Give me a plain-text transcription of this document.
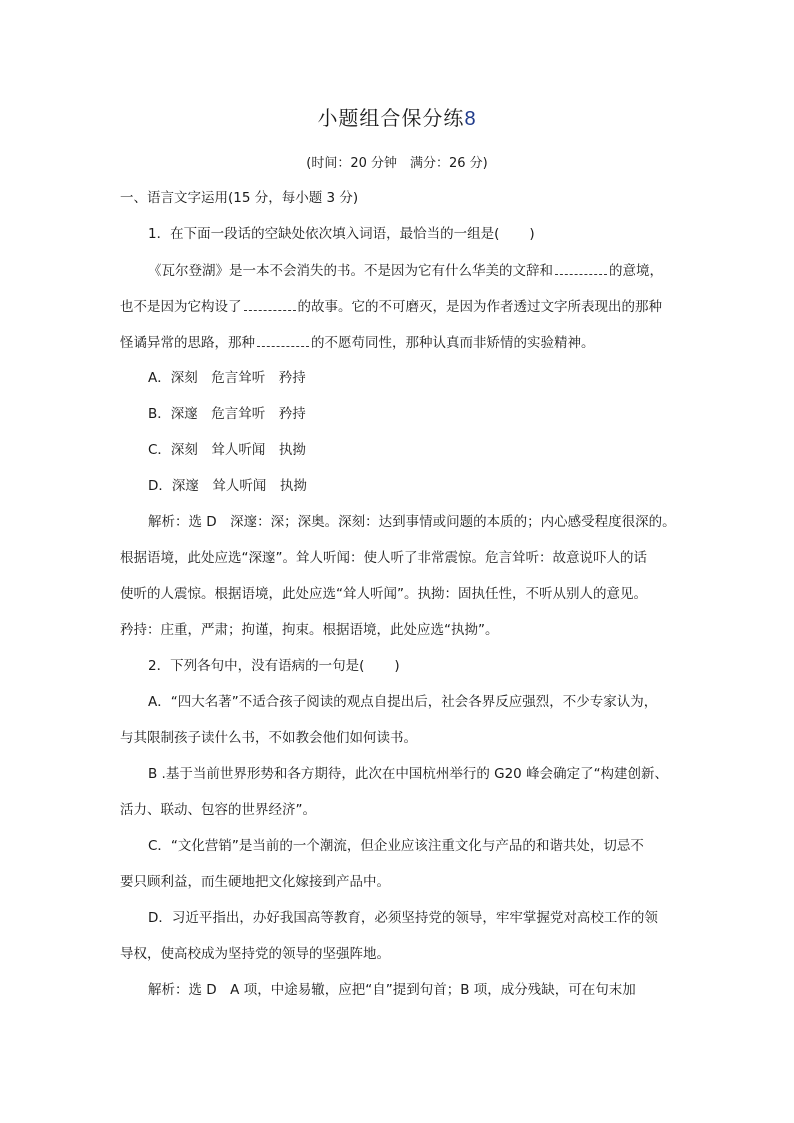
小题组合保分练8
(时间：20 分钟　满分：26 分)
一、语言文字运用(15 分，每小题 3 分)
1．在下面一段话的空缺处依次填入词语，最恰当的一组是( )
《瓦尔登湖》是一本不会消失的书。不是因为它有什么华美的文辞和	的意境，
也不是因为它构设了	的故事。它的不可磨灭，是因为作者透过文字所表现出的那种
怪谲异常的思路，那种	的不愿苟同性，那种认真而非矫情的实验精神。
A．深刻　危言耸听　矜持
B．深邃　危言耸听　矜持
C．深刻　耸人听闻　执拗
D．深邃　耸人听闻　执拗
解析：选 D　深邃：深；深奥。深刻：达到事情或问题的本质的；内心感受程度很深的。
根据语境，此处应选“深邃”。耸人听闻：使人听了非常震惊。危言耸听：故意说吓人的话
使听的人震惊。根据语境，此处应选“耸人听闻”。执拗：固执任性，不听从别人的意见。
矜持：庄重，严肃；拘谨，拘束。根据语境，此处应选“执拗”。
2．下列各句中，没有语病的一句是( )
A．“四大名著”不适合孩子阅读的观点自提出后，社会各界反应强烈，不少专家认为，
与其限制孩子读什么书，不如教会他们如何读书。
B .基于当前世界形势和各方期待，此次在中国杭州举行的 G20 峰会确定了“构建创新、
活力、联动、包容的世界经济”。
C．“文化营销”是当前的一个潮流，但企业应该注重文化与产品的和谐共处，切忌不
要只顾利益，而生硬地把文化嫁接到产品中。
D．习近平指出，办好我国高等教育，必须坚持党的领导，牢牢掌握党对高校工作的领
导权，使高校成为坚持党的领导的坚强阵地。
解析：选 D　A 项，中途易辙，应把“自”提到句首；B 项，成分残缺，可在句末加
